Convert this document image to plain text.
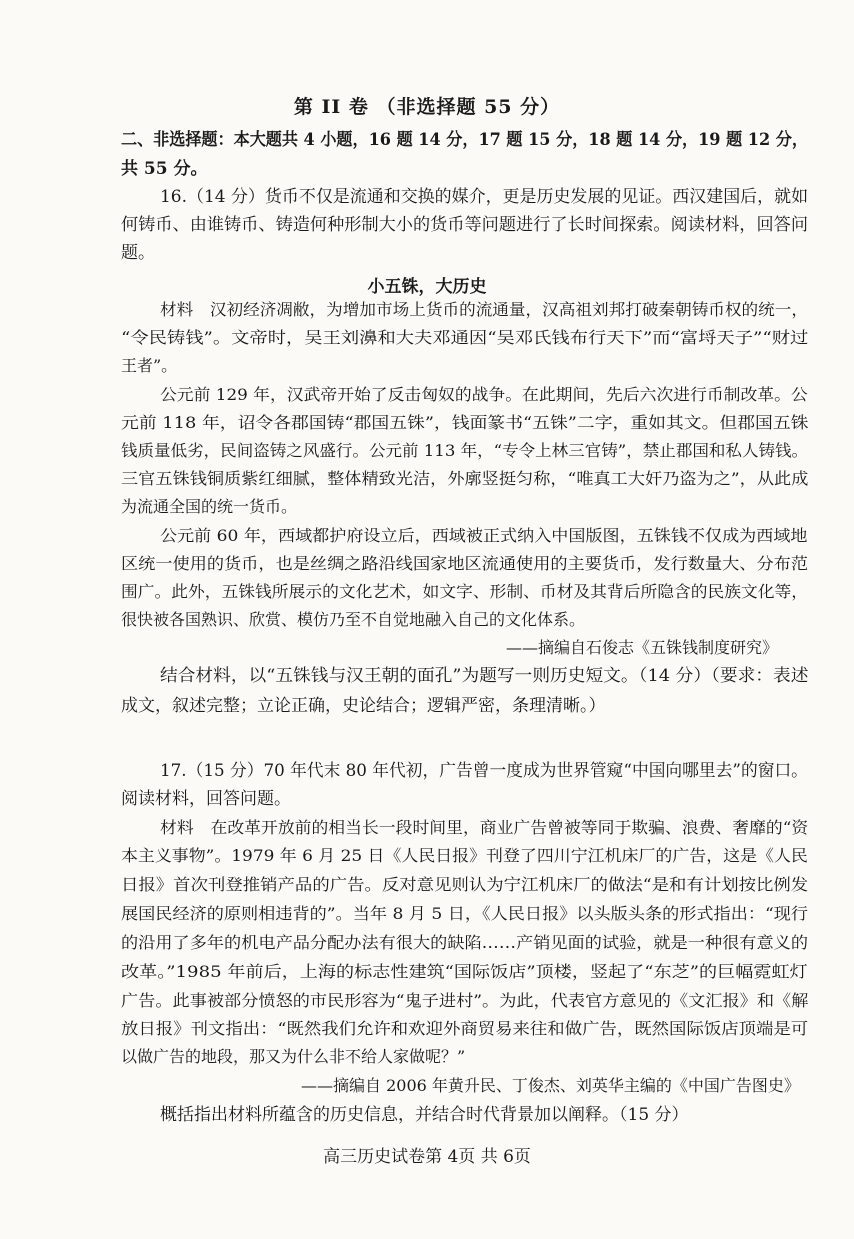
第 II 卷 （非选择题 55 分）
二、非选择题：本大题共 4 小题，16 题 14 分，17 题 15 分，18 题 14 分，19 题 12 分，
共 55 分。
16.（14 分）货币不仅是流通和交换的媒介，更是历史发展的见证。西汉建国后，就如
何铸币、由谁铸币、铸造何种形制大小的货币等问题进行了长时间探索。阅读材料，回答问
题。
小五铢，大历史
材料　汉初经济凋敝，为增加市场上货币的流通量，汉高祖刘邦打破秦朝铸币权的统一，
“令民铸钱”。文帝时，吴王刘濞和大夫邓通因“吴邓氏钱布行天下”而“富埒天子”“财过
王者”。
公元前 129 年，汉武帝开始了反击匈奴的战争。在此期间，先后六次进行币制改革。公
元前 118 年，诏令各郡国铸“郡国五铢”，钱面篆书“五铢”二字，重如其文。但郡国五铢
钱质量低劣，民间盗铸之风盛行。公元前 113 年，“专令上林三官铸”，禁止郡国和私人铸钱。
三官五铢钱铜质紫红细腻，整体精致光洁，外廓竖挺匀称，“唯真工大奸乃盗为之”，从此成
为流通全国的统一货币。
公元前 60 年，西域都护府设立后，西域被正式纳入中国版图，五铢钱不仅成为西域地
区统一使用的货币，也是丝绸之路沿线国家地区流通使用的主要货币，发行数量大、分布范
围广。此外，五铢钱所展示的文化艺术，如文字、形制、币材及其背后所隐含的民族文化等，
很快被各国熟识、欣赏、模仿乃至不自觉地融入自己的文化体系。
——摘编自石俊志《五铢钱制度研究》
结合材料，以“五铢钱与汉王朝的面孔”为题写一则历史短文。（14 分）（要求：表述
成文，叙述完整；立论正确，史论结合；逻辑严密，条理清晰。）
17.（15 分）70 年代末 80 年代初，广告曾一度成为世界管窥“中国向哪里去”的窗口。
阅读材料，回答问题。
材料　在改革开放前的相当长一段时间里，商业广告曾被等同于欺骗、浪费、奢靡的“资
本主义事物”。1979 年 6 月 25 日《人民日报》刊登了四川宁江机床厂的广告，这是《人民
日报》首次刊登推销产品的广告。反对意见则认为宁江机床厂的做法“是和有计划按比例发
展国民经济的原则相违背的”。当年 8 月 5 日，《人民日报》以头版头条的形式指出：“现行
的沿用了多年的机电产品分配办法有很大的缺陷……产销见面的试验，就是一种很有意义的
改革。”1985 年前后，上海的标志性建筑“国际饭店”顶楼，竖起了“东芝”的巨幅霓虹灯
广告。此事被部分愤怒的市民形容为“鬼子进村”。为此，代表官方意见的《文汇报》和《解
放日报》刊文指出：“既然我们允许和欢迎外商贸易来往和做广告，既然国际饭店顶端是可
以做广告的地段，那又为什么非不给人家做呢？”
——摘编自 2006 年黄升民、丁俊杰、刘英华主编的《中国广告图史》
概括指出材料所蕴含的历史信息，并结合时代背景加以阐释。（15 分）
高三历史试卷第 4页 共 6页
